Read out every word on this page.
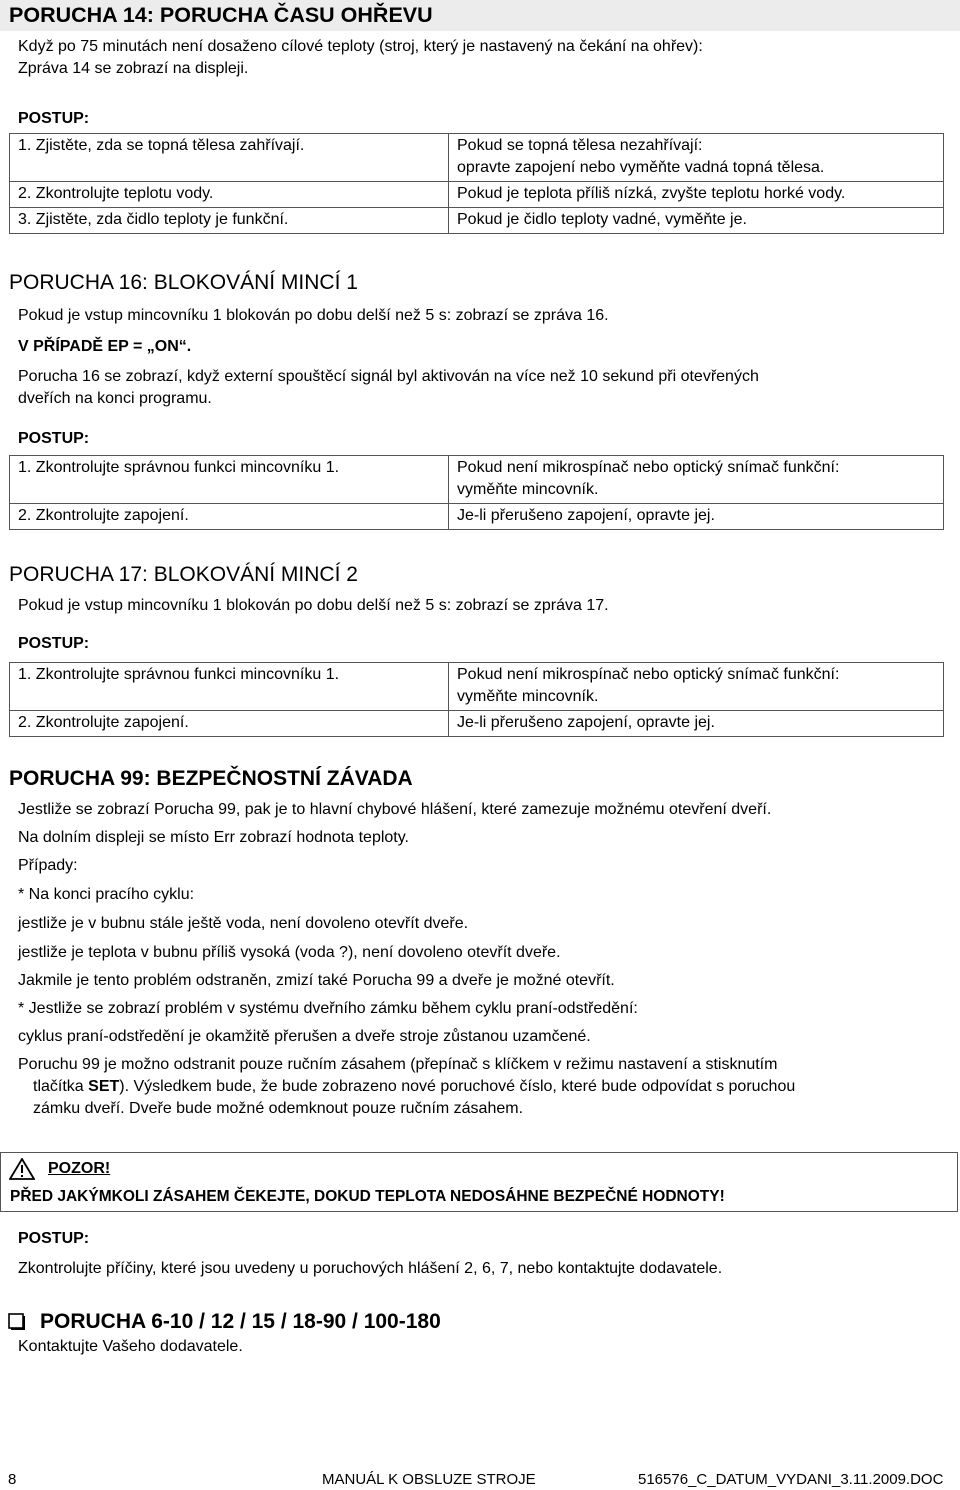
PORUCHA 14: PORUCHA ČASU OHŘEVU
Když po 75 minutách není dosaženo cílové teploty (stroj, který je nastavený na čekání na ohřev):
Zpráva 14 se zobrazí na displeji.
POSTUP:
1. Zjistěte, zda se topná tělesa zahřívají.	Pokud se topná tělesa nezahřívají:
opravte zapojení nebo vyměňte vadná topná tělesa.
2. Zkontrolujte teplotu vody.	Pokud je teplota příliš nízká, zvyšte teplotu horké vody.
3. Zjistěte, zda čidlo teploty je funkční.	Pokud je čidlo teploty vadné, vyměňte je.
PORUCHA 16: BLOKOVÁNÍ MINCÍ 1
Pokud je vstup mincovníku 1 blokován po dobu delší než 5 s: zobrazí se zpráva 16.
V PŘÍPADĚ EP = „ON“.
Porucha 16 se zobrazí, když externí spouštěcí signál byl aktivován na více než 10 sekund při otevřených
dveřích na konci programu.
POSTUP:
1. Zkontrolujte správnou funkci mincovníku 1.	Pokud není mikrospínač nebo optický snímač funkční:
vyměňte mincovník.
2. Zkontrolujte zapojení.	Je-li přerušeno zapojení, opravte jej.
PORUCHA 17: BLOKOVÁNÍ MINCÍ 2
Pokud je vstup mincovníku 1 blokován po dobu delší než 5 s: zobrazí se zpráva 17.
POSTUP:
1. Zkontrolujte správnou funkci mincovníku 1.	Pokud není mikrospínač nebo optický snímač funkční:
vyměňte mincovník.
2. Zkontrolujte zapojení.	Je-li přerušeno zapojení, opravte jej.
PORUCHA 99: BEZPEČNOSTNÍ ZÁVADA
Jestliže se zobrazí Porucha 99, pak je to hlavní chybové hlášení, které zamezuje možnému otevření dveří.
Na dolním displeji se místo Err zobrazí hodnota teploty.
Případy:
* Na konci pracího cyklu:
jestliže je v bubnu stále ještě voda, není dovoleno otevřít dveře.
jestliže je teplota v bubnu příliš vysoká (voda ?), není dovoleno otevřít dveře.
Jakmile je tento problém odstraněn, zmizí také Porucha 99 a dveře je možné otevřít.
* Jestliže se zobrazí problém v systému dveřního zámku během cyklu praní-odstředění:
cyklus praní-odstředění je okamžitě přerušen a dveře stroje zůstanou uzamčené.
Poruchu 99 je možno odstranit pouze ručním zásahem (přepínač s klíčkem v režimu nastavení a stisknutím
tlačítka SET). Výsledkem bude, že bude zobrazeno nové poruchové číslo, které bude odpovídat s poruchou
zámku dveří. Dveře bude možné odemknout pouze ručním zásahem.
POZOR!
PŘED JAKÝMKOLI ZÁSAHEM ČEKEJTE, DOKUD TEPLOTA NEDOSÁHNE BEZPEČNÉ HODNOTY!
POSTUP:
Zkontrolujte příčiny, které jsou uvedeny u poruchových hlášení 2, 6, 7, nebo kontaktujte dodavatele.
PORUCHA 6-10 / 12 / 15 / 18-90 / 100-180
Kontaktujte Vašeho dodavatele.
8	MANUÁL K OBSLUZE STROJE	516576_C_DATUM_VYDANI_3.11.2009.DOC
